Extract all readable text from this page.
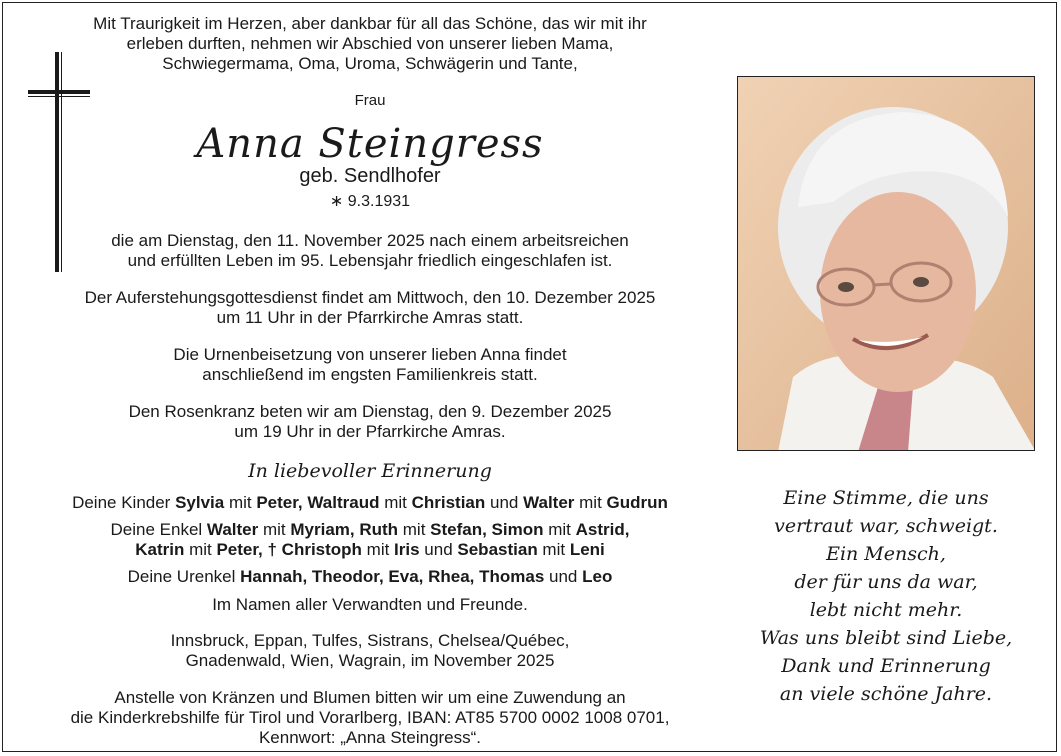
Mit Traurigkeit im Herzen, aber dankbar für all das Schöne, das wir mit ihr
erleben durften, nehmen wir Abschied von unserer lieben Mama,
Schwiegermama, Oma, Uroma, Schwägerin und Tante,
Frau
Anna Steingress
geb. Sendlhofer
∗ 9.3.1931
die am Dienstag, den 11. November 2025 nach einem arbeitsreichen
und erfüllten Leben im 95. Lebensjahr friedlich eingeschlafen ist.
Der Auferstehungsgottesdienst findet am Mittwoch, den 10. Dezember 2025
um 11 Uhr in der Pfarrkirche Amras statt.
Die Urnenbeisetzung von unserer lieben Anna findet
anschließend im engsten Familienkreis statt.
Den Rosenkranz beten wir am Dienstag, den 9. Dezember 2025
um 19 Uhr in der Pfarrkirche Amras.
In liebevoller Erinnerung
Deine Kinder Sylvia mit Peter, Waltraud mit Christian und Walter mit Gudrun
Deine Enkel Walter mit Myriam, Ruth mit Stefan, Simon mit Astrid,
Katrin mit Peter, † Christoph mit Iris und Sebastian mit Leni
Deine Urenkel Hannah, Theodor, Eva, Rhea, Thomas und Leo
Im Namen aller Verwandten und Freunde.
Innsbruck, Eppan, Tulfes, Sistrans, Chelsea/Québec,
Gnadenwald, Wien, Wagrain, im November 2025
Anstelle von Kränzen und Blumen bitten wir um eine Zuwendung an
die Kinderkrebshilfe für Tirol und Vorarlberg, IBAN: AT85 5700 0002 1008 0701,
Kennwort: „Anna Steingress“.
Eine Stimme, die uns
vertraut war, schweigt.
Ein Mensch,
der für uns da war,
lebt nicht mehr.
Was uns bleibt sind Liebe,
Dank und Erinnerung
an viele schöne Jahre.
